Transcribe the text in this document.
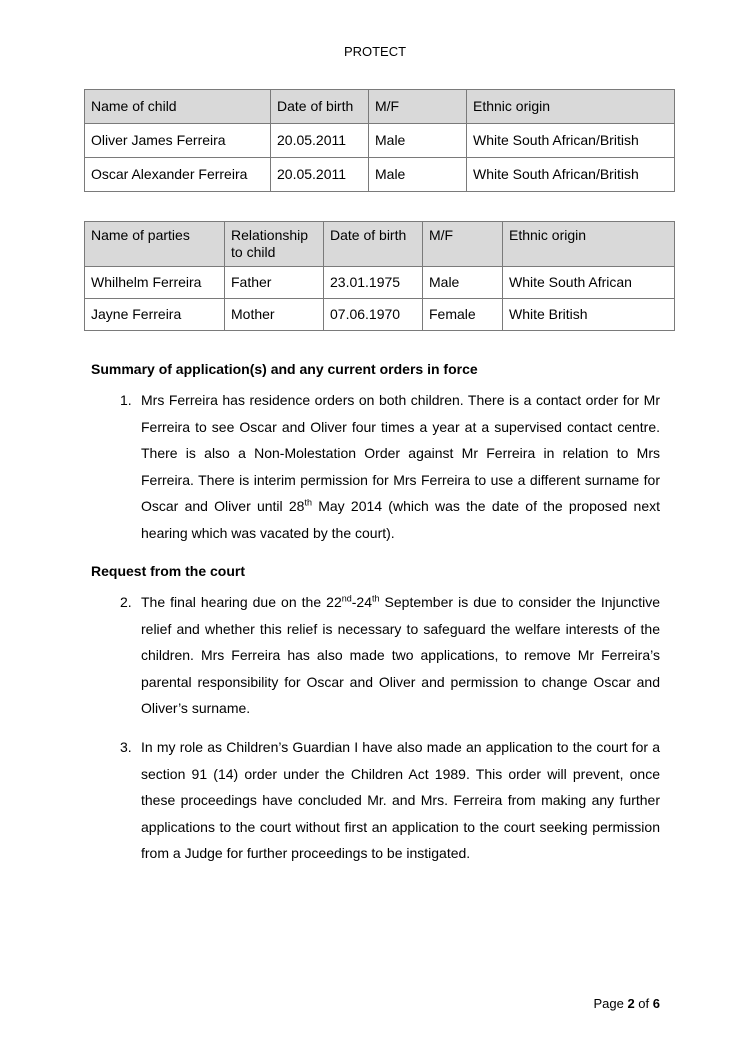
PROTECT
Name of child	Date of birth	M/F	Ethnic origin
Oliver James Ferreira	20.05.2011	Male	White South African/British
Oscar Alexander Ferreira	20.05.2011	Male	White South African/British
Name of parties	Relationship to child	Date of birth	M/F	Ethnic origin
Whilhelm Ferreira	Father	23.01.1975	Male	White South African
Jayne Ferreira	Mother	07.06.1970	Female	White British
Summary of application(s) and any current orders in force
1. Mrs Ferreira has residence orders on both children. There is a contact order for Mr Ferreira to see Oscar and Oliver four times a year at a supervised contact centre. There is also a Non-Molestation Order against Mr Ferreira in relation to Mrs Ferreira. There is interim permission for Mrs Ferreira to use a different surname for Oscar and Oliver until 28th May 2014 (which was the date of the proposed next hearing which was vacated by the court).
Request from the court
2. The final hearing due on the 22nd-24th September is due to consider the Injunctive relief and whether this relief is necessary to safeguard the welfare interests of the children. Mrs Ferreira has also made two applications, to remove Mr Ferreira’s parental responsibility for Oscar and Oliver and permission to change Oscar and Oliver’s surname.
3. In my role as Children’s Guardian I have also made an application to the court for a section 91 (14) order under the Children Act 1989. This order will prevent, once these proceedings have concluded Mr. and Mrs. Ferreira from making any further applications to the court without first an application to the court seeking permission from a Judge for further proceedings to be instigated.
Page 2 of 6
